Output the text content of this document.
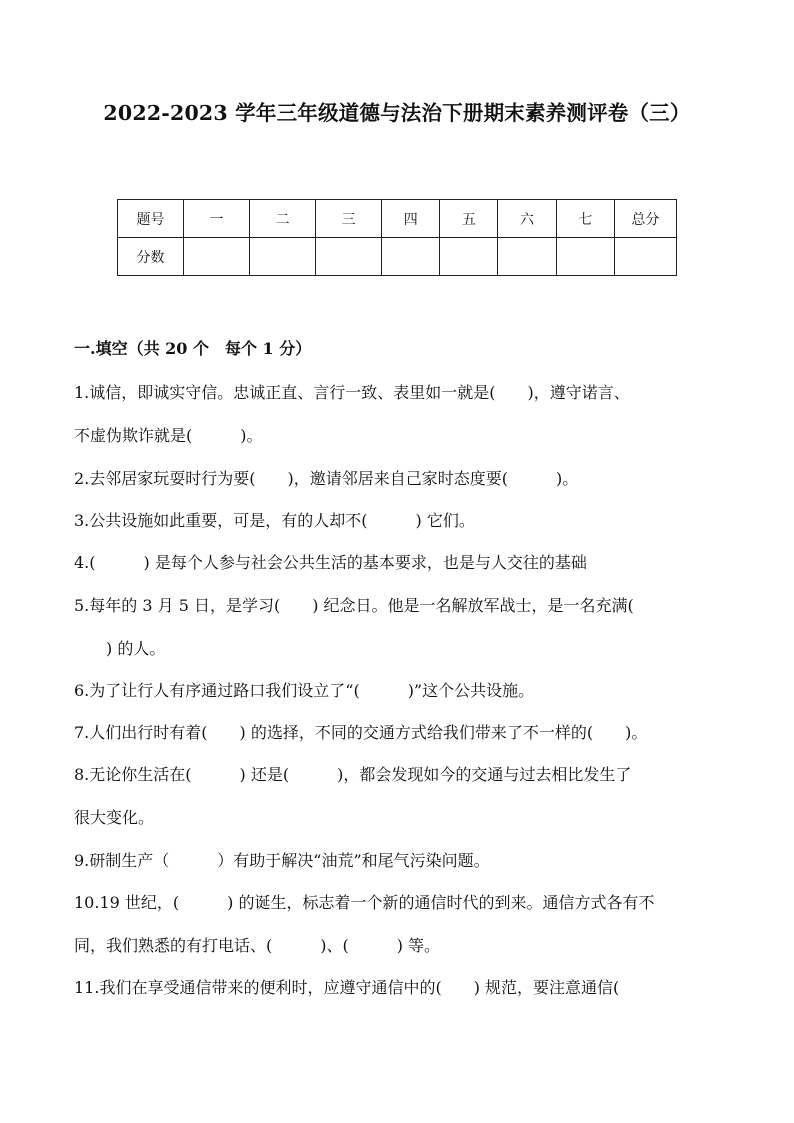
2022-2023 学年三年级道德与法治下册期末素养测评卷（三）
题号	一	二	三	四	五	六	七	总分
分数								
一.填空（共 20 个　每个 1 分）
1.诚信，即诚实守信。忠诚正直、言行一致、表里如一就是(　　)，遵守诺言、
不虚伪欺诈就是(　　　)。
2.去邻居家玩耍时行为要(　　)，邀请邻居来自己家时态度要(　　　)。
3.公共设施如此重要，可是，有的人却不(　　　) 它们。
4.(　　　) 是每个人参与社会公共生活的基本要求，也是与人交往的基础
5.每年的 3 月 5 日，是学习(　　) 纪念日。他是一名解放军战士，是一名充满(
　　) 的人。
6.为了让行人有序通过路口我们设立了“(　　　)”这个公共设施。
7.人们出行时有着(　　) 的选择，不同的交通方式给我们带来了不一样的(　　)。
8.无论你生活在(　　　) 还是(　　　)，都会发现如今的交通与过去相比发生了
很大变化。
9.研制生产（　　　）有助于解决“油荒”和尾气污染问题。
10.19 世纪，(　　　) 的诞生，标志着一个新的通信时代的到来。通信方式各有不
同，我们熟悉的有打电话、(　　　)、(　　　) 等。
11.我们在享受通信带来的便利时，应遵守通信中的(　　) 规范，要注意通信(
